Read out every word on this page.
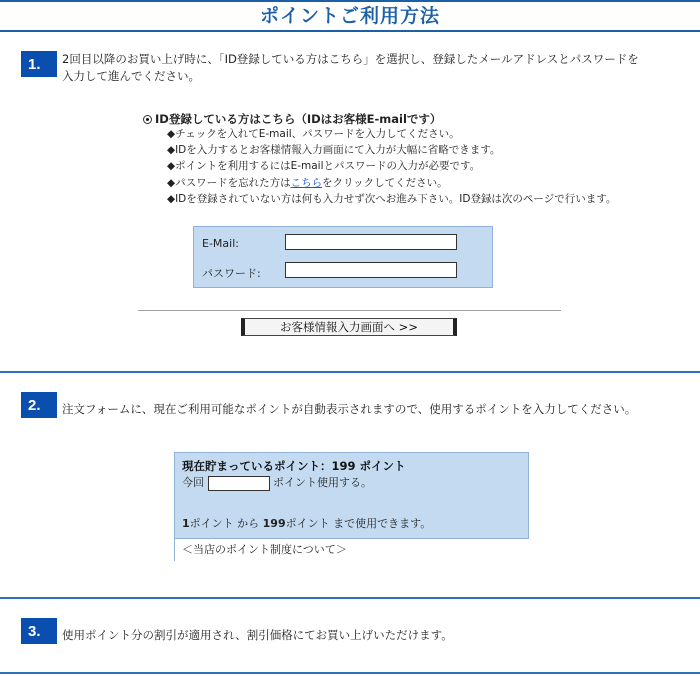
ポイントご利用方法
1.	2回目以降のお買い上げ時に、「ID登録している方はこちら」を選択し、登録したメールアドレスとパスワードを
入力して進んでください。
ID登録している方はこちら（IDはお客様E-mailです）
◆チェックを入れてE-mail、パスワードを入力してください。
◆IDを入力するとお客様情報入力画面にて入力が大幅に省略できます。
◆ポイントを利用するにはE-mailとパスワードの入力が必要です。
◆パスワードを忘れた方はこちらをクリックしてください。
◆IDを登録されていない方は何も入力せず次へお進み下さい。ID登録は次のページで行います。
E-Mail:
パスワード:
お客様情報入力画面へ >>
2.	注文フォームに、現在ご利用可能なポイントが自動表示されますので、使用するポイントを入力してください。
現在貯まっているポイント：199 ポイント
今回	ポイント使用する。
1ポイント から 199ポイント まで使用できます。
＜当店のポイント制度について＞
3.	使用ポイント分の割引が適用され、割引価格にてお買い上げいただけます。
